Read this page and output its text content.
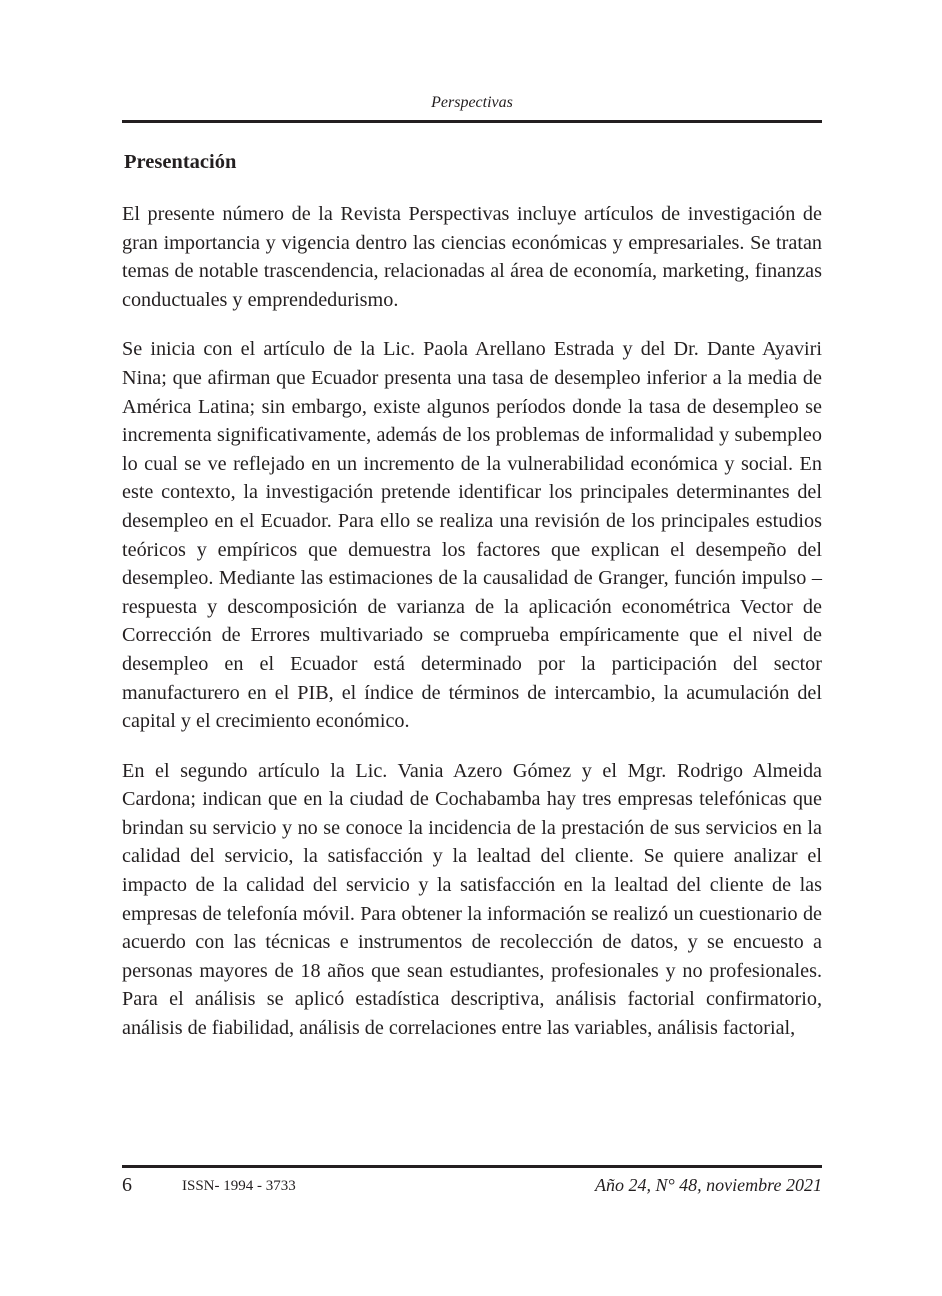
Perspectivas
Presentación

El presente número de la Revista Perspectivas incluye artículos de investigación de gran importancia y vigencia dentro las ciencias económicas y empresariales. Se tratan temas de notable trascendencia, relacionadas al área de economía, marketing, finanzas conductuales y emprendedurismo.

Se inicia con el artículo de la Lic. Paola Arellano Estrada y del Dr. Dante Ayaviri Nina; que afirman que Ecuador presenta una tasa de desempleo inferior a la media de América Latina; sin embargo, existe algunos períodos donde la tasa de desempleo se incrementa significativamente, además de los problemas de informalidad y subempleo lo cual se ve reflejado en un incremento de la vulnerabilidad económica y social. En este contexto, la investigación pretende identificar los principales determinantes del desempleo en el Ecuador. Para ello se realiza una revisión de los principales estudios teóricos y empíricos que demuestra los factores que explican el desempeño del desempleo. Mediante las estimaciones de la causalidad de Granger, función impulso – respuesta y descomposición de varianza de la aplicación econométrica Vector de Corrección de Errores multivariado se comprueba empíricamente que el nivel de desempleo en el Ecuador está determinado por la participación del sector manufacturero en el PIB, el índice de términos de intercambio, la acumulación del capital y el crecimiento económico.

En el segundo artículo la Lic. Vania Azero Gómez y el Mgr. Rodrigo Almeida Cardona; indican que en la ciudad de Cochabamba hay tres empresas telefónicas que brindan su servicio y no se conoce la incidencia de la prestación de sus servicios en la calidad del servicio, la satisfacción y la lealtad del cliente. Se quiere analizar el impacto de la calidad del servicio y la satisfacción en la lealtad del cliente de las empresas de telefonía móvil. Para obtener la información se realizó un cuestionario de acuerdo con las técnicas e instrumentos de recolección de datos, y se encuesto a personas mayores de 18 años que sean estudiantes, profesionales y no profesionales. Para el análisis se aplicó estadística descriptiva, análisis factorial confirmatorio, análisis de fiabilidad, análisis de correlaciones entre las variables, análisis factorial,

6	ISSN- 1994 - 3733	Año 24, N° 48, noviembre 2021
